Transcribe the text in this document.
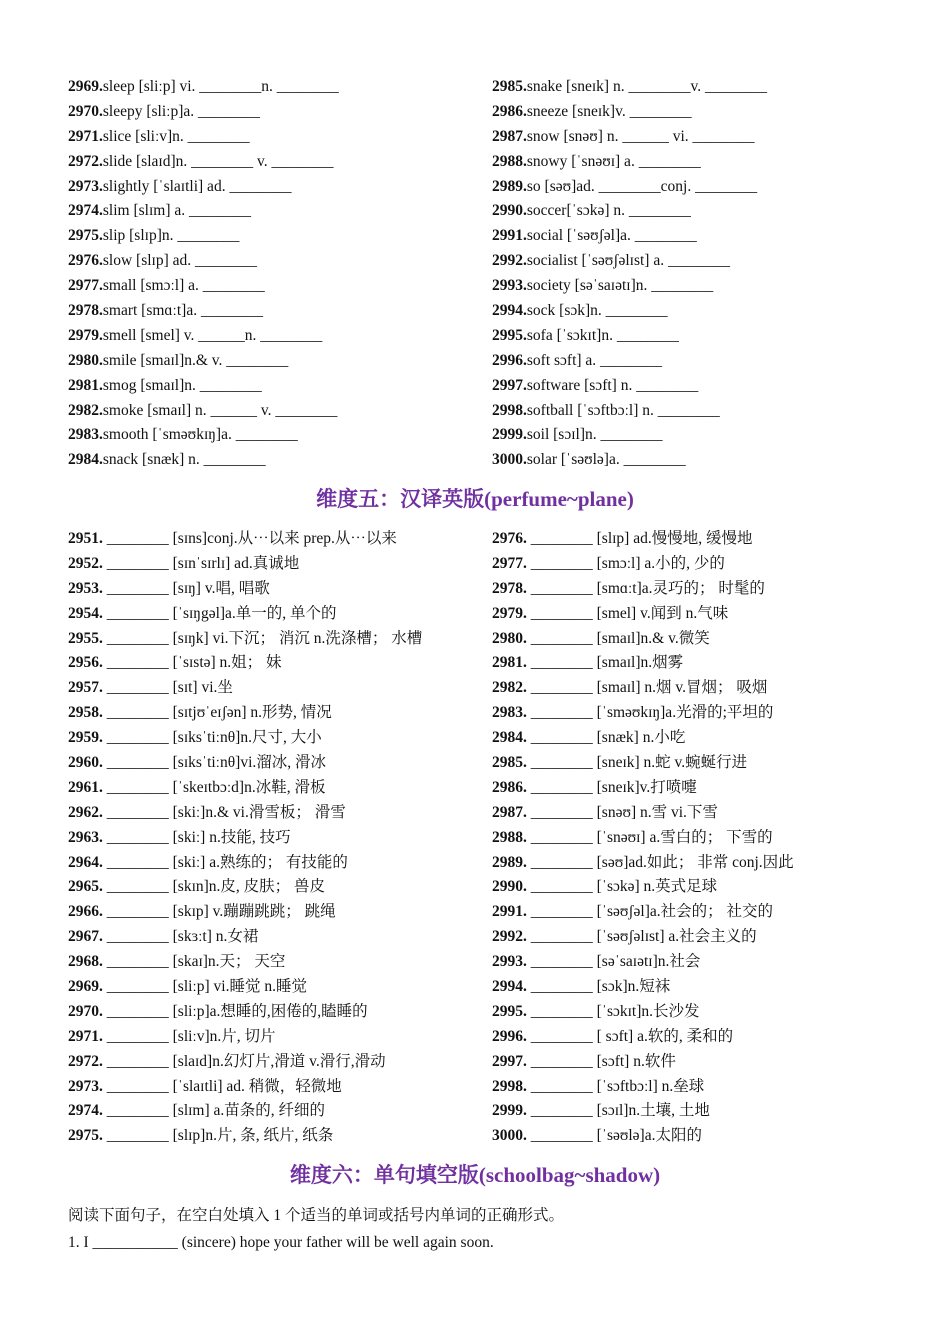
2969.sleep [sliːp] vi. ________n. ________	2985.snake [sneɪk] n. ________v. ________
2970.sleepy [sliːp]a. ________	2986.sneeze [sneɪk]v. ________
2971.slice [sliːv]n. ________	2987.snow [snəʊ] n. ______ vi. ________
2972.slide [slaɪd]n. ________ v. ________	2988.snowy [ˈsnəʊɪ] a. ________
2973.slightly [ˈslaɪtli] ad. ________	2989.so [səʊ]ad. ________conj. ________
2974.slim [slɪm] a. ________	2990.soccer[ˈsɔkə] n. ________
2975.slip [slɪp]n. ________	2991.social [ˈsəʊʃəl]a. ________
2976.slow [slɪp] ad. ________	2992.socialist [ˈsəʊʃəlɪst] a. ________
2977.small [smɔːl] a. ________	2993.society [səˈsaɪətɪ]n. ________
2978.smart [smɑːt]a. ________	2994.sock [sɔk]n. ________
2979.smell [smel] v. ______n. ________	2995.sofa [ˈsɔkɪt]n. ________
2980.smile [smaɪl]n.& v. ________	2996.soft sɔft] a. ________
2981.smog [smaɪl]n. ________	2997.software [sɔft] n. ________
2982.smoke [smaɪl] n. ______ v. ________	2998.softball [ˈsɔftbɔːl] n. ________
2983.smooth [ˈsməʊkɪŋ]a. ________	2999.soil [sɔɪl]n. ________
2984.snack [snæk] n. ________	3000.solar [ˈsəʊlə]a. ________
维度五：汉译英版(perfume~plane)
2951. ________ [sɪns]conj.从⋯以来 prep.从⋯以来	2976. ________ [slɪp] ad.慢慢地, 缓慢地
2952. ________ [sɪnˈsɪrlɪ] ad.真诚地	2977. ________ [smɔːl] a.小的, 少的
2953. ________ [sɪŋ] v.唱, 唱歌	2978. ________ [smɑːt]a.灵巧的； 时髦的
2954. ________ [ˈsɪŋgəl]a.单一的, 单个的	2979. ________ [smel] v.闻到 n.气味
2955. ________ [sɪŋk] vi.下沉； 消沉 n.洗涤槽； 水槽	2980. ________ [smaɪl]n.& v.微笑
2956. ________ [ˈsɪstə] n.姐； 妹	2981. ________ [smaɪl]n.烟雾
2957. ________ [sɪt] vi.坐	2982. ________ [smaɪl] n.烟 v.冒烟； 吸烟
2958. ________ [sɪtjʊˈeɪʃən] n.形势, 情况	2983. ________ [ˈsməʊkɪŋ]a.光滑的;平坦的
2959. ________ [sɪksˈtiːnθ]n.尺寸, 大小	2984. ________ [snæk] n.小吃
2960. ________ [sɪksˈtiːnθ]vi.溜冰, 滑冰	2985. ________ [sneɪk] n.蛇 v.蜿蜒行进
2961. ________ [ˈskeɪtbɔːd]n.冰鞋, 滑板	2986. ________ [sneɪk]v.打喷嚏
2962. ________ [skiː]n.& vi.滑雪板； 滑雪	2987. ________ [snəʊ] n.雪 vi.下雪
2963. ________ [skiː] n.技能, 技巧	2988. ________ [ˈsnəʊɪ] a.雪白的； 下雪的
2964. ________ [skiː] a.熟练的； 有技能的	2989. ________ [səʊ]ad.如此； 非常 conj.因此
2965. ________ [skɪn]n.皮, 皮肤； 兽皮	2990. ________ [ˈsɔkə] n.英式足球
2966. ________ [skɪp] v.蹦蹦跳跳； 跳绳	2991. ________ [ˈsəʊʃəl]a.社会的； 社交的
2967. ________ [skɜːt] n.女裙	2992. ________ [ˈsəʊʃəlɪst] a.社会主义的
2968. ________ [skaɪ]n.天； 天空	2993. ________ [səˈsaɪətɪ]n.社会
2969. ________ [sliːp] vi.睡觉 n.睡觉	2994. ________ [sɔk]n.短袜
2970. ________ [sliːp]a.想睡的,困倦的,瞌睡的	2995. ________ [ˈsɔkɪt]n.长沙发
2971. ________ [sliːv]n.片, 切片	2996. ________ [ sɔft] a.软的, 柔和的
2972. ________ [slaɪd]n.幻灯片,滑道 v.滑行,滑动	2997. ________ [sɔft] n.软件
2973. ________ [ˈslaɪtli] ad. 稍微，轻微地	2998. ________ [ˈsɔftbɔːl] n.垒球
2974. ________ [slɪm] a.苗条的, 纤细的	2999. ________ [sɔɪl]n.土壤, 土地
2975. ________ [slɪp]n.片, 条, 纸片, 纸条	3000. ________ [ˈsəʊlə]a.太阳的
维度六：单句填空版(schoolbag~shadow)
阅读下面句子，在空白处填入 1 个适当的单词或括号内单词的正确形式。
1. I ___________ (sincere) hope your father will be well again soon.
